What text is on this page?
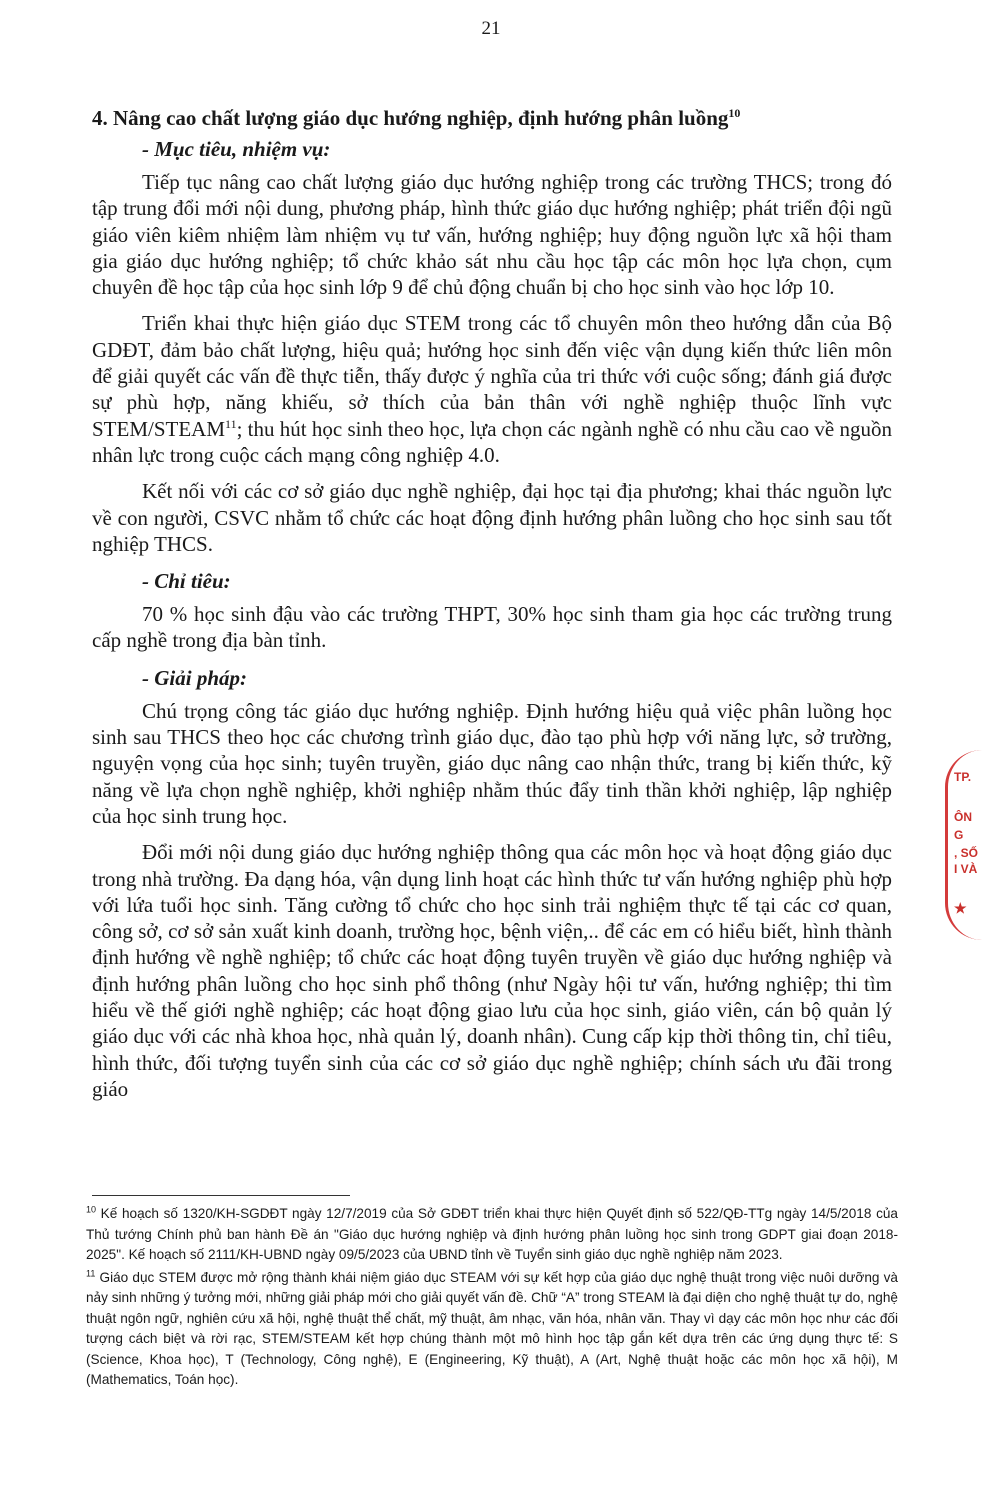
21

4. Nâng cao chất lượng giáo dục hướng nghiệp, định hướng phân luồng$^{10}$

- Mục tiêu, nhiệm vụ:

Tiếp tục nâng cao chất lượng giáo dục hướng nghiệp trong các trường THCS; trong đó tập trung đổi mới nội dung, phương pháp, hình thức giáo dục hướng nghiệp; phát triển đội ngũ giáo viên kiêm nhiệm làm nhiệm vụ tư vấn, hướng nghiệp; huy động nguồn lực xã hội tham gia giáo dục hướng nghiệp; tổ chức khảo sát nhu cầu học tập các môn học lựa chọn, cụm chuyên đề học tập của học sinh lớp 9 để chủ động chuẩn bị cho học sinh vào học lớp 10.

Triển khai thực hiện giáo dục STEM trong các tổ chuyên môn theo hướng dẫn của Bộ GDĐT, đảm bảo chất lượng, hiệu quả; hướng học sinh đến việc vận dụng kiến thức liên môn để giải quyết các vấn đề thực tiễn, thấy được ý nghĩa của tri thức với cuộc sống; đánh giá được sự phù hợp, năng khiếu, sở thích của bản thân với nghề nghiệp thuộc lĩnh vực STEM/STEAM$^{11}$; thu hút học sinh theo học, lựa chọn các ngành nghề có nhu cầu cao về nguồn nhân lực trong cuộc cách mạng công nghiệp 4.0.

Kết nối với các cơ sở giáo dục nghề nghiệp, đại học tại địa phương; khai thác nguồn lực về con người, CSVC nhằm tổ chức các hoạt động định hướng phân luồng cho học sinh sau tốt nghiệp THCS.

- Chỉ tiêu:

70 % học sinh đậu vào các trường THPT, 30% học sinh tham gia học các trường trung cấp nghề trong địa bàn tỉnh.

- Giải pháp:

Chú trọng công tác giáo dục hướng nghiệp. Định hướng hiệu quả việc phân luồng học sinh sau THCS theo học các chương trình giáo dục, đào tạo phù hợp với năng lực, sở trường, nguyện vọng của học sinh; tuyên truyền, giáo dục nâng cao nhận thức, trang bị kiến thức, kỹ năng về lựa chọn nghề nghiệp, khởi nghiệp nhằm thúc đẩy tinh thần khởi nghiệp, lập nghiệp của học sinh trung học.

Đổi mới nội dung giáo dục hướng nghiệp thông qua các môn học và hoạt động giáo dục trong nhà trường. Đa dạng hóa, vận dụng linh hoạt các hình thức tư vấn hướng nghiệp phù hợp với lứa tuổi học sinh. Tăng cường tổ chức cho học sinh trải nghiệm thực tế tại các cơ quan, công sở, cơ sở sản xuất kinh doanh, trường học, bệnh viện,.. để các em có hiểu biết, hình thành định hướng về nghề nghiệp; tổ chức các hoạt động tuyên truyền về giáo dục hướng nghiệp và định hướng phân luồng cho học sinh phổ thông (như Ngày hội tư vấn, hướng nghiệp; thi tìm hiểu về thế giới nghề nghiệp; các hoạt động giao lưu của học sinh, giáo viên, cán bộ quản lý giáo dục với các nhà khoa học, nhà quản lý, doanh nhân). Cung cấp kịp thời thông tin, chỉ tiêu, hình thức, đối tượng tuyển sinh của các cơ sở giáo dục nghề nghiệp; chính sách ưu đãi trong giáo

$^{10}$ Kế hoạch số 1320/KH-SGDĐT ngày 12/7/2019 của Sở GDĐT triển khai thực hiện Quyết định số 522/QĐ-TTg ngày 14/5/2018 của Thủ tướng Chính phủ ban hành Đề án "Giáo dục hướng nghiệp và định hướng phân luồng học sinh trong GDPT giai đoạn 2018-2025". Kế hoạch số 2111/KH-UBND ngày 09/5/2023 của UBND tỉnh về Tuyển sinh giáo dục nghề nghiệp năm 2023.

$^{11}$ Giáo dục STEM được mở rộng thành khái niệm giáo dục STEAM với sự kết hợp của giáo dục nghệ thuật trong việc nuôi dưỡng và nảy sinh những ý tưởng mới, những giải pháp mới cho giải quyết vấn đề. Chữ “A” trong STEAM là đại diện cho nghệ thuật tự do, nghệ thuật ngôn ngữ, nghiên cứu xã hội, nghệ thuật thể chất, mỹ thuật, âm nhạc, văn hóa, nhân văn. Thay vì dạy các môn học như các đối tượng cách biệt và rời rạc, STEM/STEAM kết hợp chúng thành một mô hình học tập gắn kết dựa trên các ứng dụng thực tế: S (Science, Khoa học), T (Technology, Công nghệ), E (Engineering, Kỹ thuật), A (Art, Nghệ thuật hoặc các môn học xã hội), M (Mathematics, Toán học).

TP.
ÔN
G
, SỐ
I VÀ
★
